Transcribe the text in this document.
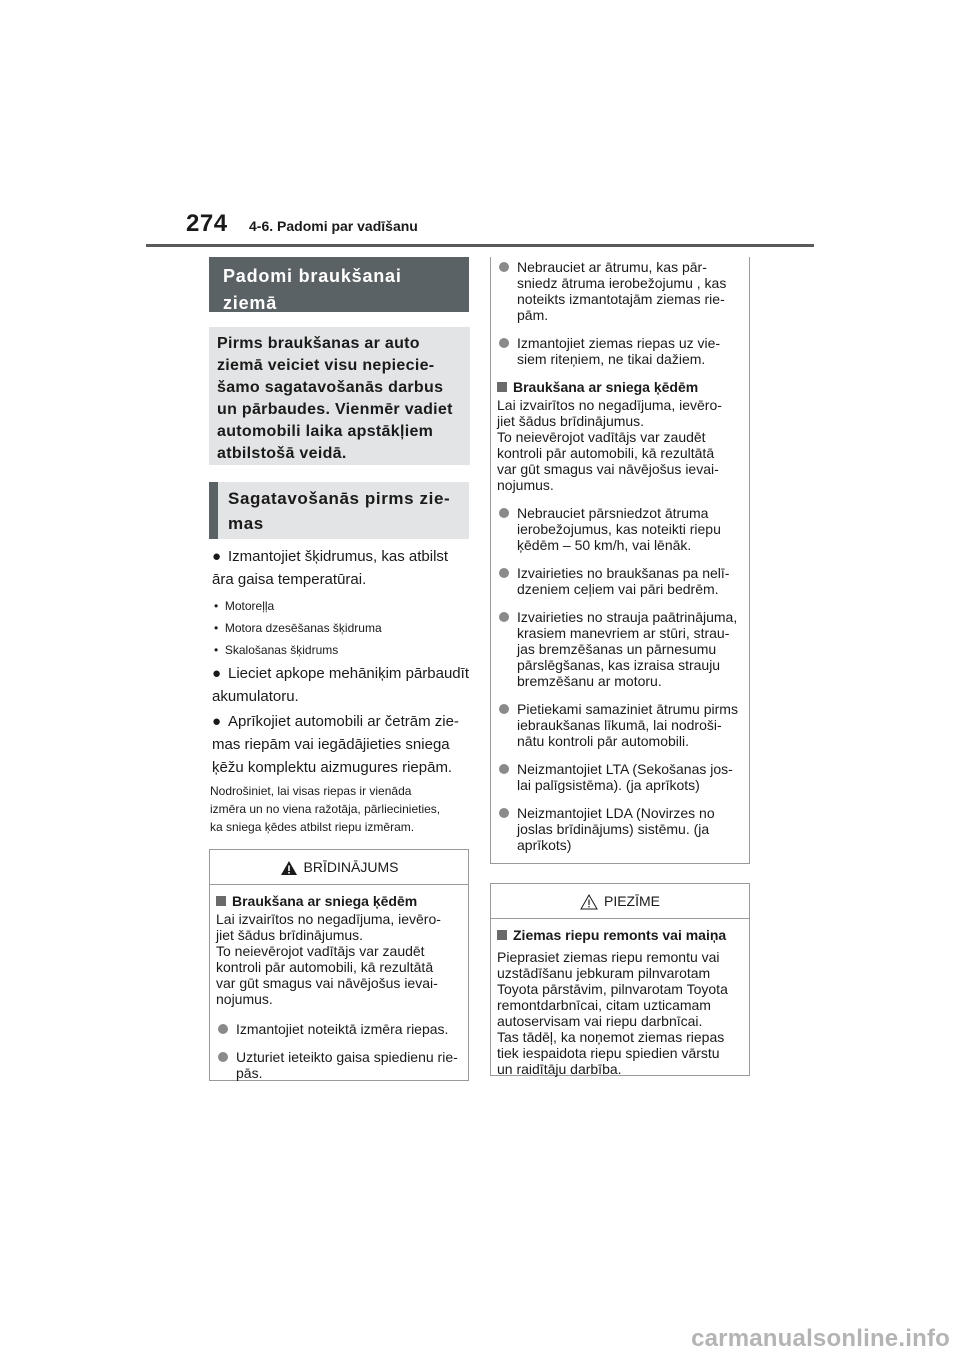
274 4-6. Padomi par vadīšanu
Padomi braukšanai
ziemā
Pirms braukšanas ar auto
ziemā veiciet visu nepiecie-
šamo sagatavošanās darbus
un pārbaudes. Vienmēr vadiet
automobili laika apstākļiem
atbilstošā veidā.
Sagatavošanās pirms zie-
mas
● Izmantojiet šķidrumus, kas atbilst
āra gaisa temperatūrai.
•  Motoreļļa
•  Motora dzesēšanas šķidruma
•  Skalošanas šķidrums
● Lieciet apkope mehāniķim pārbaudīt
akumulatoru.
● Aprīkojiet automobili ar četrām zie-
mas riepām vai iegādājieties sniega
ķēžu komplektu aizmugures riepām.
Nodrošiniet, lai visas riepas ir vienāda
izmēra un no viena ražotāja, pārliecinieties,
ka sniega ķēdes atbilst riepu izmēram.
BRĪDINĀJUMS
Braukšana ar sniega ķēdēm
Lai izvairītos no negadījuma, ievēro-
jiet šādus brīdinājumus.
To neievērojot vadītājs var zaudēt
kontroli pār automobili, kā rezultātā
var gūt smagus vai nāvējošus ievai-
nojumus.
Izmantojiet noteiktā izmēra riepas.
Uzturiet ieteikto gaisa spiedienu rie-
pās.
Nebrauciet ar ātrumu, kas pār-
sniedz ātruma ierobežojumu , kas
noteikts izmantotajām ziemas rie-
pām.
Izmantojiet ziemas riepas uz vie-
siem riteņiem, ne tikai dažiem.
Braukšana ar sniega ķēdēm
Lai izvairītos no negadījuma, ievēro-
jiet šādus brīdinājumus.
To neievērojot vadītājs var zaudēt
kontroli pār automobili, kā rezultātā
var gūt smagus vai nāvējošus ievai-
nojumus.
Nebrauciet pārsniedzot ātruma
ierobežojumus, kas noteikti riepu
ķēdēm – 50 km/h, vai lēnāk.
Izvairieties no braukšanas pa nelī-
dzeniem ceļiem vai pāri bedrēm.
Izvairieties no strauja paātrinājuma,
krasiem manevriem ar stūri, strau-
jas bremzēšanas un pārnesumu
pārslēgšanas, kas izraisa strauju
bremzēšanu ar motoru.
Pietiekami samaziniet ātrumu pirms
iebraukšanas līkumā, lai nodroši-
nātu kontroli pār automobili.
Neizmantojiet LTA (Sekošanas jos-
lai palīgsistēma). (ja aprīkots)
Neizmantojiet LDA (Novirzes no
joslas brīdinājums) sistēmu. (ja
aprīkots)
PIEZĪME
Ziemas riepu remonts vai maiņa
Pieprasiet ziemas riepu remontu vai
uzstādīšanu jebkuram pilnvarotam
Toyota pārstāvim, pilnvarotam Toyota
remontdarbnīcai, citam uzticamam
autoservisam vai riepu darbnīcai.
Tas tādēļ, ka noņemot ziemas riepas
tiek iespaidota riepu spiedien vārstu
un raidītāju darbība.
carmanualsonline.info
